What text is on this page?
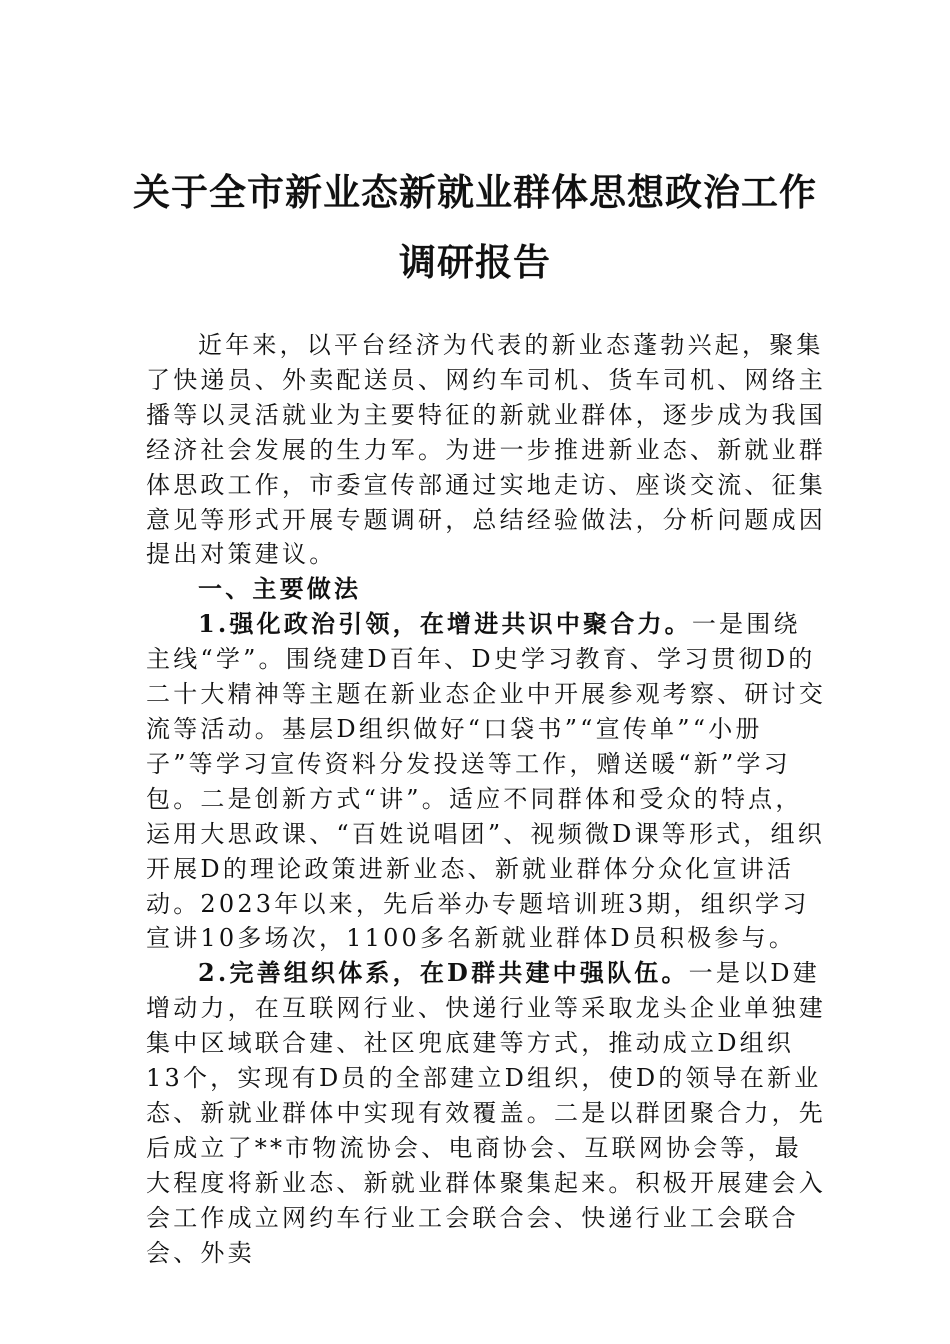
关于全市新业态新就业群体思想政治工作
调研报告

近年来，以平台经济为代表的新业态蓬勃兴起，聚集了快递员、外卖配送员、网约车司机、货车司机、网络主播等以灵活就业为主要特征的新就业群体，逐步成为我国经济社会发展的生力军。为进一步推进新业态、新就业群体思政工作，市委宣传部通过实地走访、座谈交流、征集意见等形式开展专题调研，总结经验做法，分析问题成因提出对策建议。

一、主要做法

1.强化政治引领，在增进共识中聚合力。一是围绕主线“学”。围绕建D百年、D史学习教育、学习贯彻D的二十大精神等主题在新业态企业中开展参观考察、研讨交流等活动。基层D组织做好“口袋书”“宣传单”“小册子”等学习宣传资料分发投送等工作，赠送暖“新”学习包。二是创新方式“讲”。适应不同群体和受众的特点，运用大思政课、“百姓说唱团”、视频微D课等形式，组织开展D的理论政策进新业态、新就业群体分众化宣讲活动。2023年以来，先后举办专题培训班3期，组织学习宣讲10多场次，1100多名新就业群体D员积极参与。

2.完善组织体系，在D群共建中强队伍。一是以D建增动力，在互联网行业、快递行业等采取龙头企业单独建集中区域联合建、社区兜底建等方式，推动成立D组织13个，实现有D员的全部建立D组织，使D的领导在新业态、新就业群体中实现有效覆盖。二是以群团聚合力，先后成立了**市物流协会、电商协会、互联网协会等，最大程度将新业态、新就业群体聚集起来。积极开展建会入会工作成立网约车行业工会联合会、快递行业工会联合会、外卖
